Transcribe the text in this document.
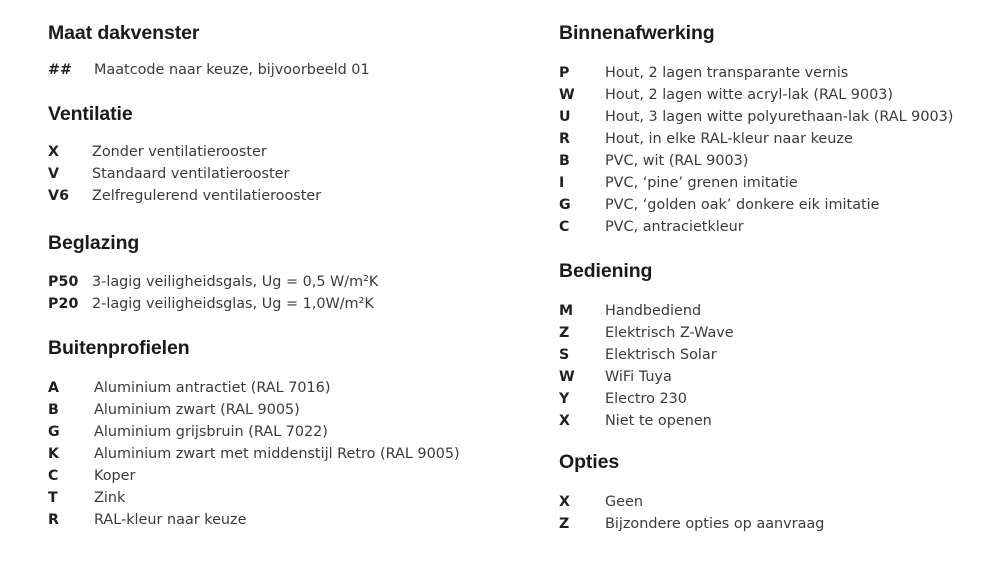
Maat dakvenster
##	Maatcode naar keuze, bijvoorbeeld 01
Ventilatie
X	Zonder ventilatierooster
V	Standaard ventilatierooster
V6	Zelfregulerend ventilatierooster
Beglazing
P50 3-lagig veiligheidsgals, Ug = 0,5 W/m²K
P20 2-lagig veiligheidsglas, Ug = 1,0W/m²K
Buitenprofielen
A	Aluminium antractiet (RAL 7016)
B	Aluminium zwart (RAL 9005)
G	Aluminium grijsbruin (RAL 7022)
K	Aluminium zwart met middenstijl Retro (RAL 9005)
C	Koper
T	Zink
R	RAL-kleur naar keuze
Binnenafwerking
P	Hout, 2 lagen transparante vernis
W	Hout, 2 lagen witte acryl-lak (RAL 9003)
U	Hout, 3 lagen witte polyurethaan-lak (RAL 9003)
R	Hout, in elke RAL-kleur naar keuze
B	PVC, wit (RAL 9003)
I	PVC, ‘pine’ grenen imitatie
G	PVC, ‘golden oak’ donkere eik imitatie
C	PVC, antracietkleur
Bediening
M	Handbediend
Z	Elektrisch Z-Wave
S	Elektrisch Solar
W	WiFi Tuya
Y	Electro 230
X	Niet te openen
Opties
X	Geen
Z	Bijzondere opties op aanvraag
